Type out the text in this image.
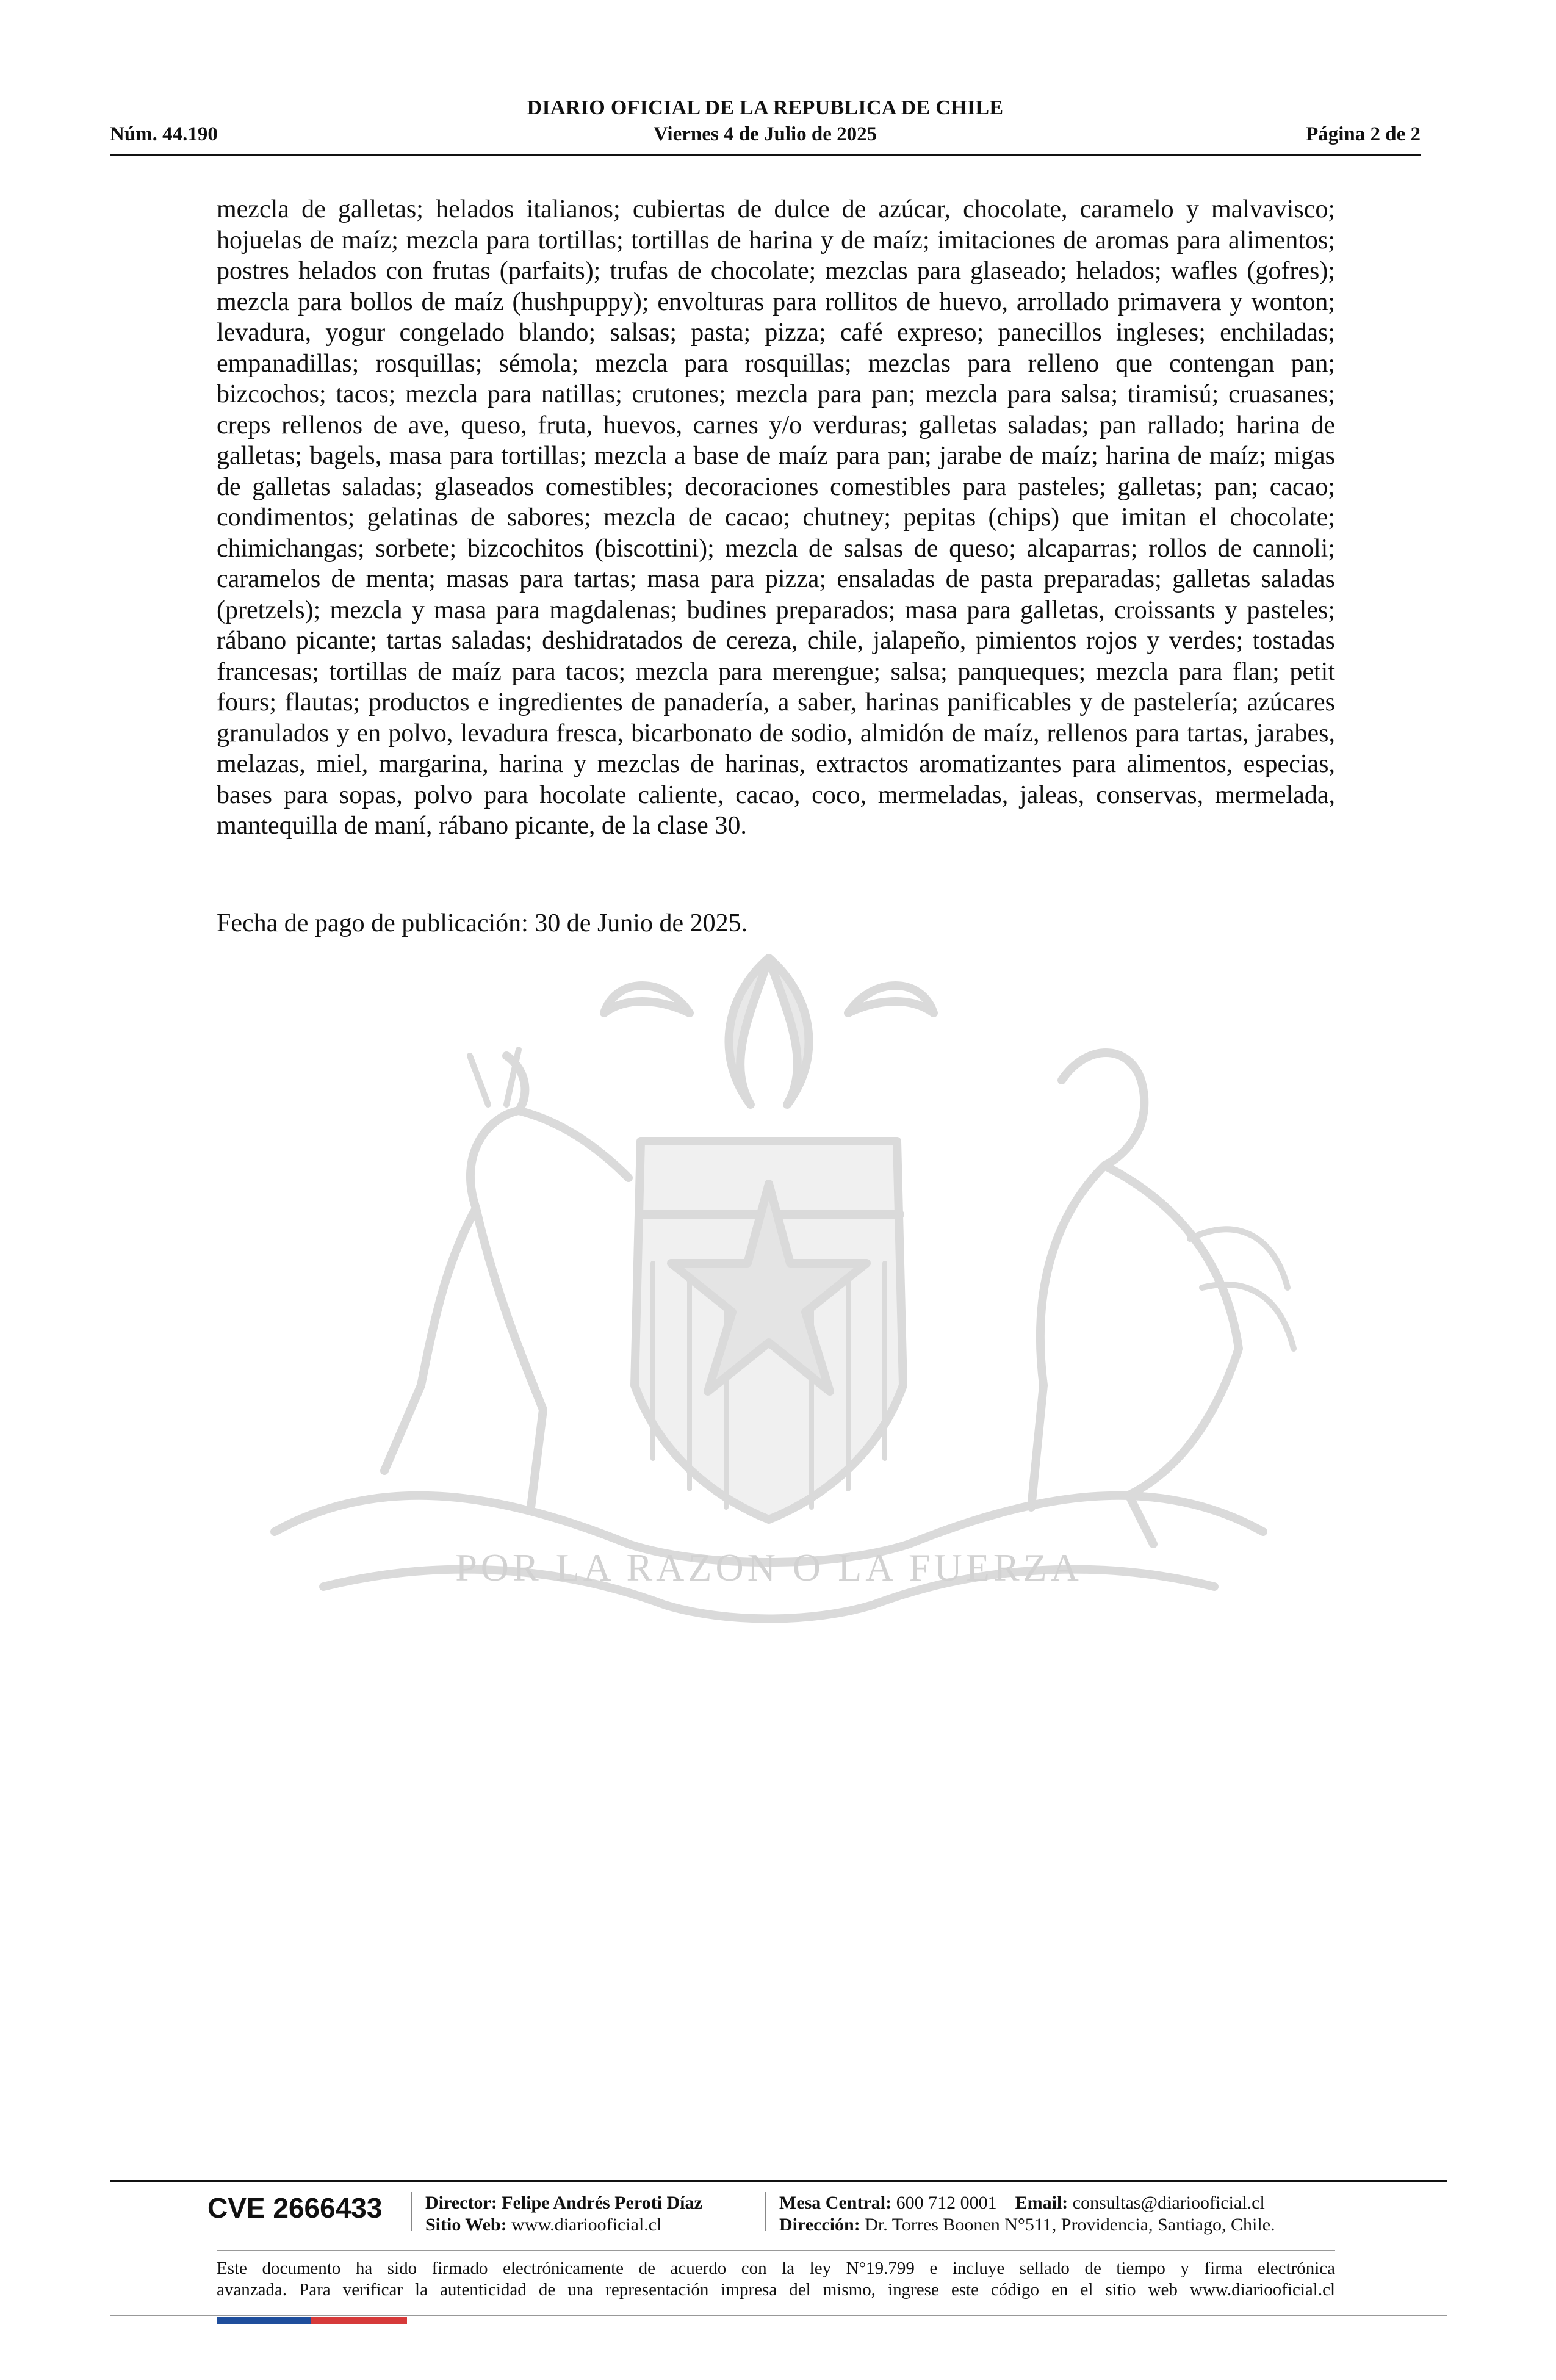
DIARIO OFICIAL DE LA REPUBLICA DE CHILE
Núm. 44.190	Viernes 4 de Julio de 2025	Página 2 de 2
POR LA RAZON O LA FUERZA

mezcla de galletas; helados italianos; cubiertas de dulce de azúcar, chocolate, caramelo y malvavisco; hojuelas de maíz; mezcla para tortillas; tortillas de harina y de maíz; imitaciones de aromas para alimentos; postres helados con frutas (parfaits); trufas de chocolate; mezclas para glaseado; helados; wafles (gofres); mezcla para bollos de maíz (hushpuppy); envolturas para rollitos de huevo, arrollado primavera y wonton; levadura, yogur congelado blando; salsas; pasta; pizza; café expreso; panecillos ingleses; enchiladas; empanadillas; rosquillas; sémola; mezcla para rosquillas; mezclas para relleno que contengan pan; bizcochos; tacos; mezcla para natillas; crutones; mezcla para pan; mezcla para salsa; tiramisú; cruasanes; creps rellenos de ave, queso, fruta, huevos, carnes y/o verduras; galletas saladas; pan rallado; harina de galletas; bagels, masa para tortillas; mezcla a base de maíz para pan; jarabe de maíz; harina de maíz; migas de galletas saladas; glaseados comestibles; decoraciones comestibles para pasteles; galletas; pan; cacao; condimentos; gelatinas de sabores; mezcla de cacao; chutney; pepitas (chips) que imitan el chocolate; chimichangas; sorbete; bizcochitos (biscottini); mezcla de salsas de queso; alcaparras; rollos de cannoli; caramelos de menta; masas para tartas; masa para pizza; ensaladas de pasta preparadas; galletas saladas (pretzels); mezcla y masa para magdalenas; budines preparados; masa para galletas, croissants y pasteles; rábano picante; tartas saladas; deshidratados de cereza, chile, jalapeño, pimientos rojos y verdes; tostadas francesas; tortillas de maíz para tacos; mezcla para merengue; salsa; panqueques; mezcla para flan; petit fours; flautas; productos e ingredientes de panadería, a saber, harinas panificables y de pastelería; azúcares granulados y en polvo, levadura fresca, bicarbonato de sodio, almidón de maíz, rellenos para tartas, jarabes, melazas, miel, margarina, harina y mezclas de harinas, extractos aromatizantes para alimentos, especias, bases para sopas, polvo para hocolate caliente, cacao, coco, mermeladas, jaleas, conservas, mermelada, mantequilla de maní, rábano picante, de la clase 30.

Fecha de pago de publicación: 30 de Junio de 2025.
CVE 2666433 Director: Felipe Andrés Peroti Díaz
Sitio Web: www.diariooficial.cl
Mesa Central: 600 712 0001 Email: consultas@diariooficial.cl
Dirección: Dr. Torres Boonen N°511, Providencia, Santiago, Chile.
Este documento ha sido firmado electrónicamente de acuerdo con la ley N°19.799 e incluye sellado de tiempo y firma electrónica
avanzada. Para verificar la autenticidad de una representación impresa del mismo, ingrese este código en el sitio web www.diariooficial.cl
